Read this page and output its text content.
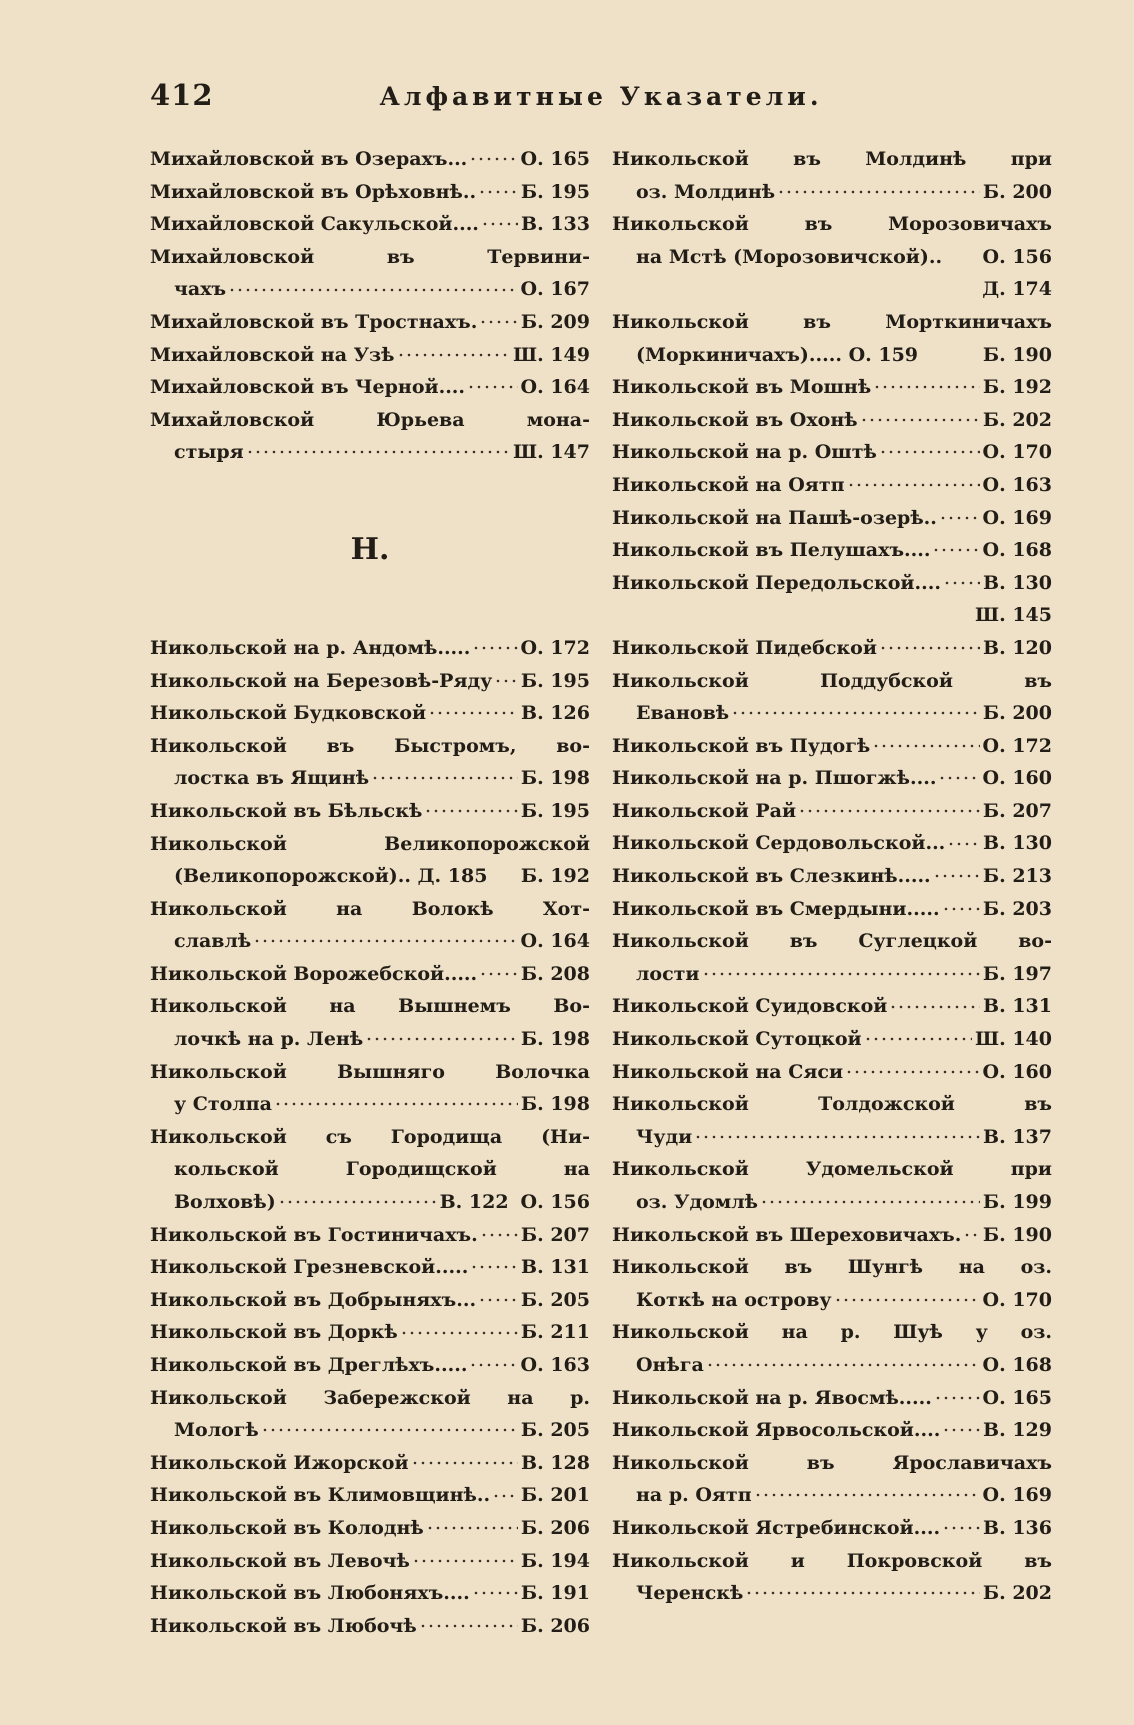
412	Алфавитные Указатели.
Михайловской въ Озерахъ...	О. 165
Михайловской въ Орѣховнѣ.. Б. 195
Михайловской Сакульской.... В. 133
Михайловской въ Тервини-
чахъ	О. 167
Михайловской въ Тростнахъ. Б. 209
Михайловской на Узѣ	Ш. 149
Михайловской въ Черной....	О. 164
Михайловской Юрьева мона-
стыря	Ш. 147
Н.
Никольской на р. Андомѣ.....	О. 172
Никольской на Березовѣ-Ряду Б. 195
Никольской Будковской	В. 126
Никольской въ Быстромъ, во-
лостка въ Ящинѣ	Б. 198
Никольской въ Бѣльскѣ	Б. 195
Никольской Великопорожской
(Великопорожской).. Д. 185 Б. 192
Никольской на Волокѣ Хот-
славлѣ	О. 164
Никольской Ворожебской..... Б. 208
Никольской на Вышнемъ Во-
лочкѣ на р. Ленѣ	Б. 198
Никольской Вышняго Волочка
у Столпа	Б. 198
Никольской съ Городища (Ни-
кольской Городищской на
Волховѣ)	В. 122 О. 156
Никольской въ Гостиничахъ. Б. 207
Никольской Грезневской.....	В. 131
Никольской въ Добрыняхъ... Б. 205
Никольской въ Доркѣ	Б. 211
Никольской въ Дреглѣхъ.....	О. 163
Никольской Забережской на р.
Мологѣ	Б. 205
Никольской Ижорской	В. 128
Никольской въ Климовщинѣ.. Б. 201
Никольской въ Колоднѣ	Б. 206
Никольской въ Левочѣ	Б. 194
Никольской въ Любоняхъ....	Б. 191
Никольской въ Любочѣ	Б. 206
Никольской въ Молдинѣ при
оз. Молдинѣ	Б. 200
Никольской въ Морозовичахъ
на Мстѣ (Морозовичской).. О. 156
Д. 174
Никольской въ Морткиничахъ
(Моркиничахъ)..... О. 159	Б. 190
Никольской въ Мошнѣ	Б. 192
Никольской въ Охонѣ	Б. 202
Никольской на р. Оштѣ	О. 170
Никольской на Оятп	О. 163
Никольской на Пашѣ-озерѣ.. О. 169
Никольской въ Пелушахъ....	О. 168
Никольской Передольской.... В. 130
Ш. 145
Никольской Пидебской	В. 120
Никольской Поддубской въ
Евановѣ	Б. 200
Никольской въ Пудогѣ	О. 172
Никольской на р. Пшогжѣ.... О. 160
Никольской Рай	Б. 207
Никольской Сердовольской... В. 130
Никольской въ Слезкинѣ.....	Б. 213
Никольской въ Смердыни..... Б. 203
Никольской въ Суглецкой во-
лости	Б. 197
Никольской Суидовской	В. 131
Никольской Сутоцкой	Ш. 140
Никольской на Сяси	О. 160
Никольской Толдожской въ
Чуди	В. 137
Никольской Удомельской при
оз. Удомлѣ	Б. 199
Никольской въ Шереховичахъ. Б. 190
Никольской въ Шунгѣ на оз.
Коткѣ на острову	О. 170
Никольской на р. Шуѣ у оз.
Онѣга	О. 168
Никольской на р. Явосмѣ.....	О. 165
Никольской Ярвосольской.... В. 129
Никольской въ Ярославичахъ
на р. Оятп	О. 169
Никольской Ястребинской.... В. 136
Никольской и Покровской въ
Черенскѣ	Б. 202
